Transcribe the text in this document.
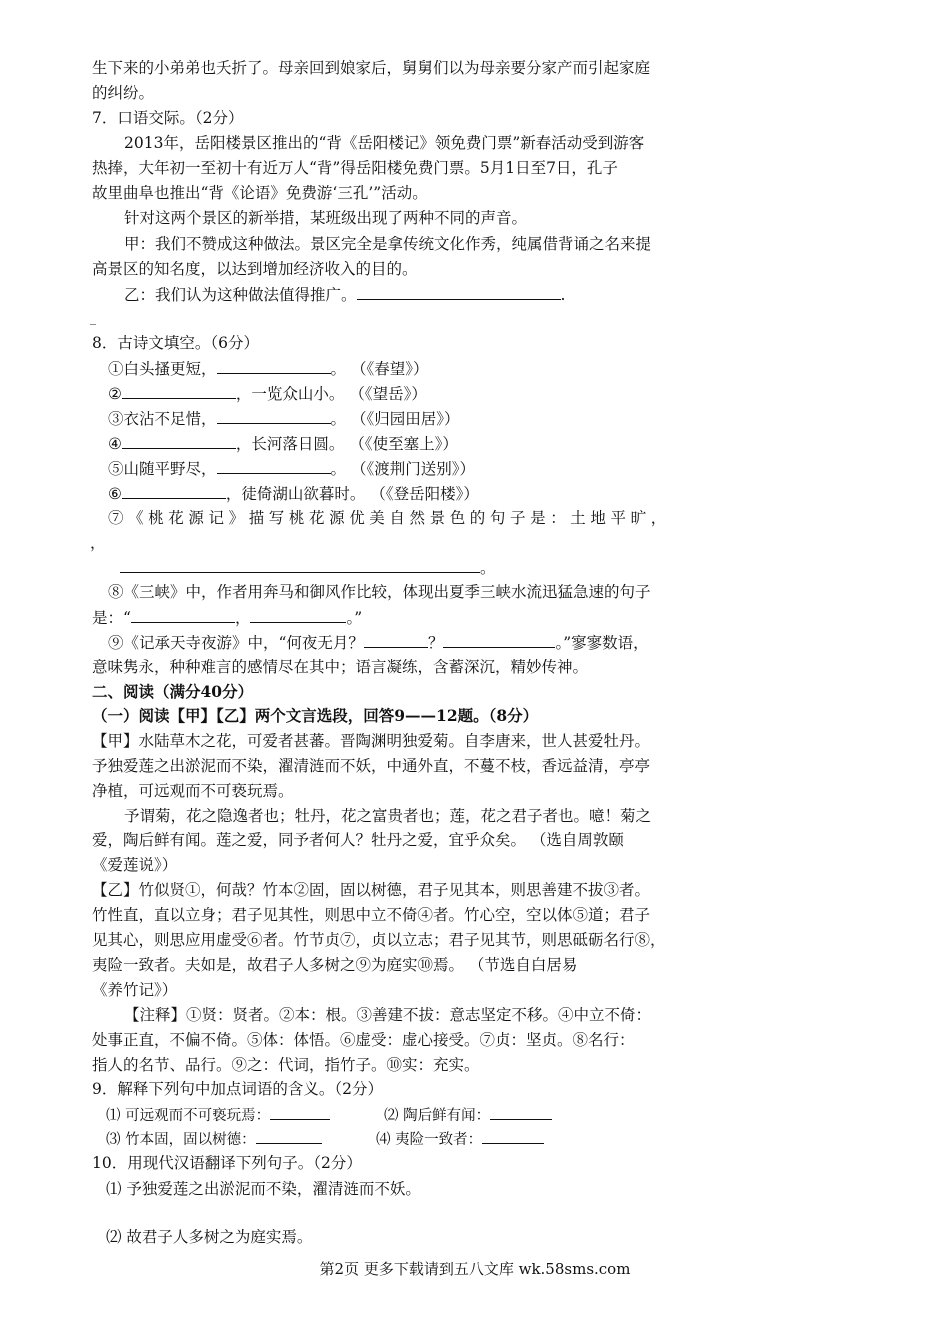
生下来的小弟弟也夭折了。母亲回到娘家后，舅舅们以为母亲要分家产而引起家庭
的纠纷。
7．口语交际。（2分）
2013年，岳阳楼景区推出的“背《岳阳楼记》领免费门票”新春活动受到游客
热捧，大年初一至初十有近万人“背”得岳阳楼免费门票。5月1日至7日，孔子
故里曲阜也推出“背《论语》免费游‘三孔’”活动。
针对这两个景区的新举措，某班级出现了两种不同的声音。
甲：我们不赞成这种做法。景区完全是拿传统文化作秀，纯属借背诵之名来提
高景区的知名度，以达到增加经济收入的目的。
乙：我们认为这种做法值得推广。	.
_
8．古诗文填空。（6分）
①白头搔更短，	。 （《春望》）
②	，一览众山小。 （《望岳》）
③衣沾不足惜，	。 （《归园田居》）
④	，长河落日圆。 （《使至塞上》）
⑤山随平野尽，	。 （《渡荆门送别》）
⑥	，徒倚湖山欲暮时。 （《登岳阳楼》）
⑦《桃花源记》描写桃花源优美自然景色的句子是：土地平旷，
，
。
⑧《三峡》中，作者用奔马和御风作比较，体现出夏季三峡水流迅猛急速的句子
是：“	，	。”
⑨《记承天寺夜游》中，“何夜无月？	？	。”寥寥数语，
意味隽永，种种难言的感情尽在其中；语言凝练，含蓄深沉，精妙传神。
二、阅读（满分40分）
（一）阅读【甲】【乙】两个文言选段，回答9——12题。（8分）
【甲】水陆草木之花，可爱者甚蕃。晋陶渊明独爱菊。自李唐来，世人甚爱牡丹。
予独爱莲之出淤泥而不染，濯清涟而不妖，中通外直，不蔓不枝，香远益清，亭亭
净植，可远观而不可亵玩焉。
予谓菊，花之隐逸者也；牡丹，花之富贵者也；莲，花之君子者也。噫！菊之
爱，陶后鲜有闻。莲之爱，同予者何人？牡丹之爱，宜乎众矣。 （选自周敦颐
《爱莲说》）
【乙】竹似贤①，何哉？竹本②固，固以树德，君子见其本，则思善建不拔③者。
竹性直，直以立身；君子见其性，则思中立不倚④者。竹心空，空以体⑤道；君子
见其心，则思应用虚受⑥者。竹节贞⑦，贞以立志；君子见其节，则思砥砺名行⑧，
夷险一致者。夫如是，故君子人多树之⑨为庭实⑩焉。 （节选自白居易
《养竹记》）
【注释】①贤：贤者。②本：根。③善建不拔：意志坚定不移。④中立不倚：
处事正直，不偏不倚。⑤体：体悟。⑥虚受：虚心接受。⑦贞：坚贞。⑧名行：
指人的名节、品行。⑨之：代词，指竹子。⑩实：充实。
9．解释下列句中加点词语的含义。（2分）
⑴ 可远观而不可亵玩焉：	⑵ 陶后鲜有闻：
⑶ 竹本固，固以树德：	⑷ 夷险一致者：
10．用现代汉语翻译下列句子。（2分）
⑴ 予独爱莲之出淤泥而不染，濯清涟而不妖。
⑵ 故君子人多树之为庭实焉。
第2页 更多下载请到五八文库 wk.58sms.com
